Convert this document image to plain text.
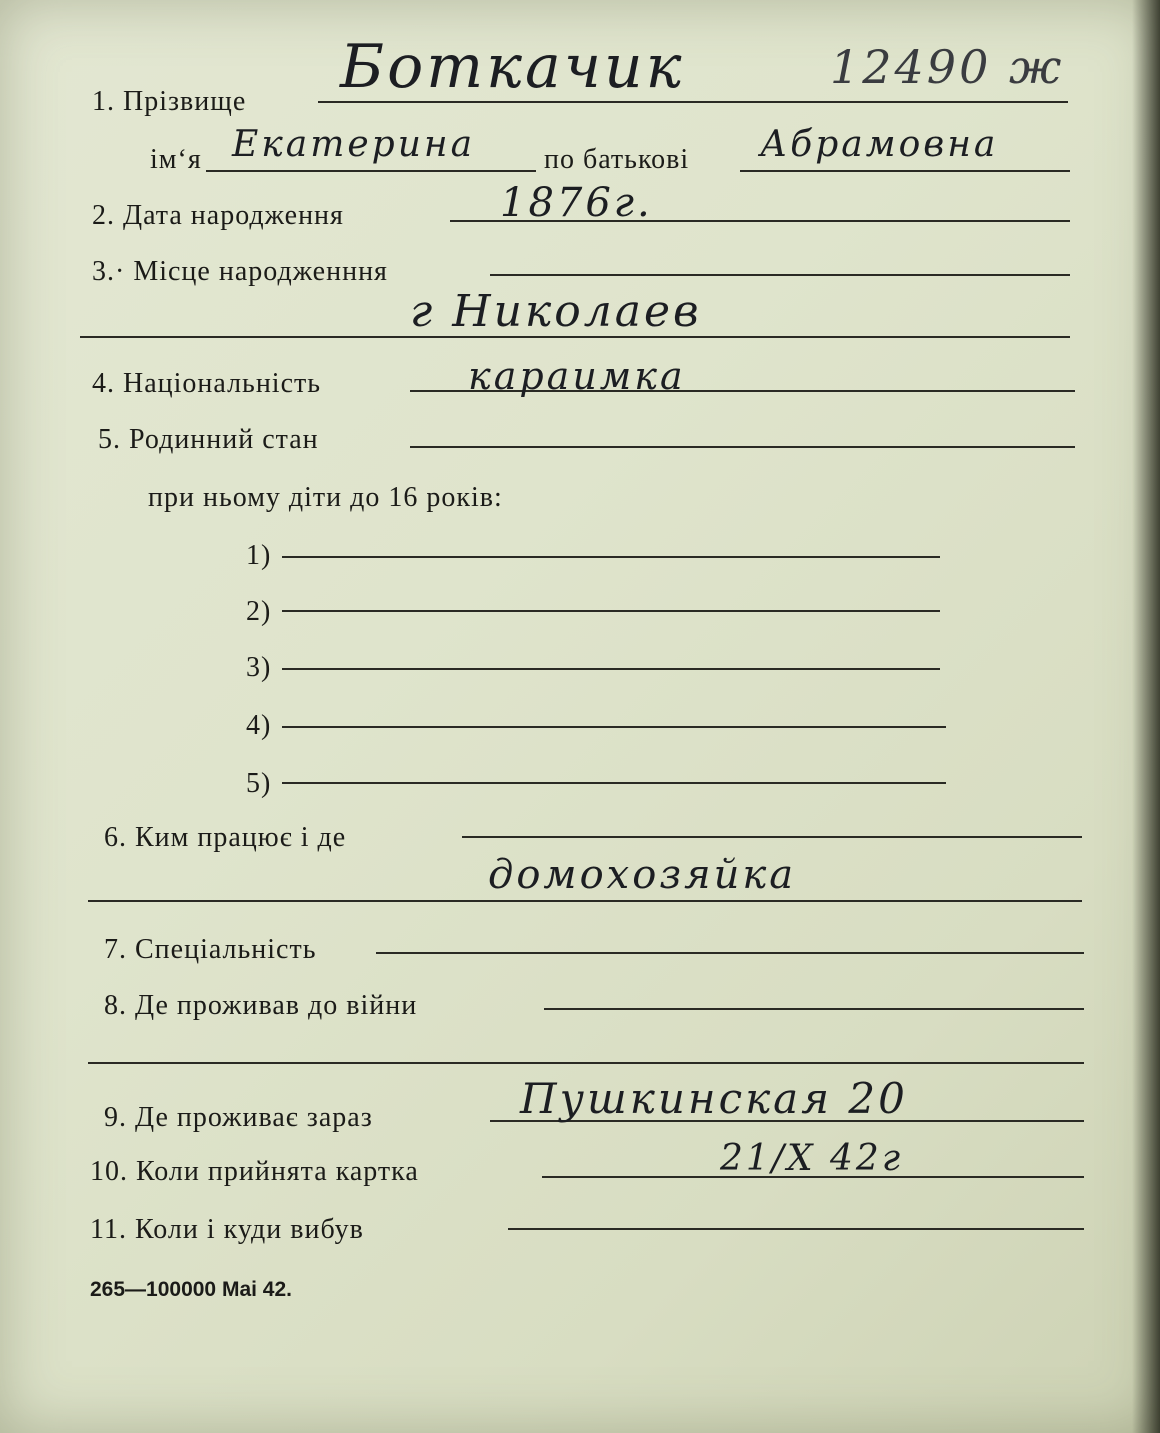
1. Прізвище Боткачик	12490 ж
ім‘я Екатерина по батькові Абрамовна
2. Дата народження	1876г.
3.· Місце народженння
г Николаев
4. Національність	караимка
5. Родинний стан
при ньому діти до 16 років:
1)
2)
3)
4)
5)
6. Ким працює і де
домохозяйка
7. Спеціальність
8. Де проживав до війни
9. Де проживає зараз	Пушкинская 20
10. Коли прийнята картка	21/X 42г
11. Коли і куди вибув
265—100000 Mai 42.
